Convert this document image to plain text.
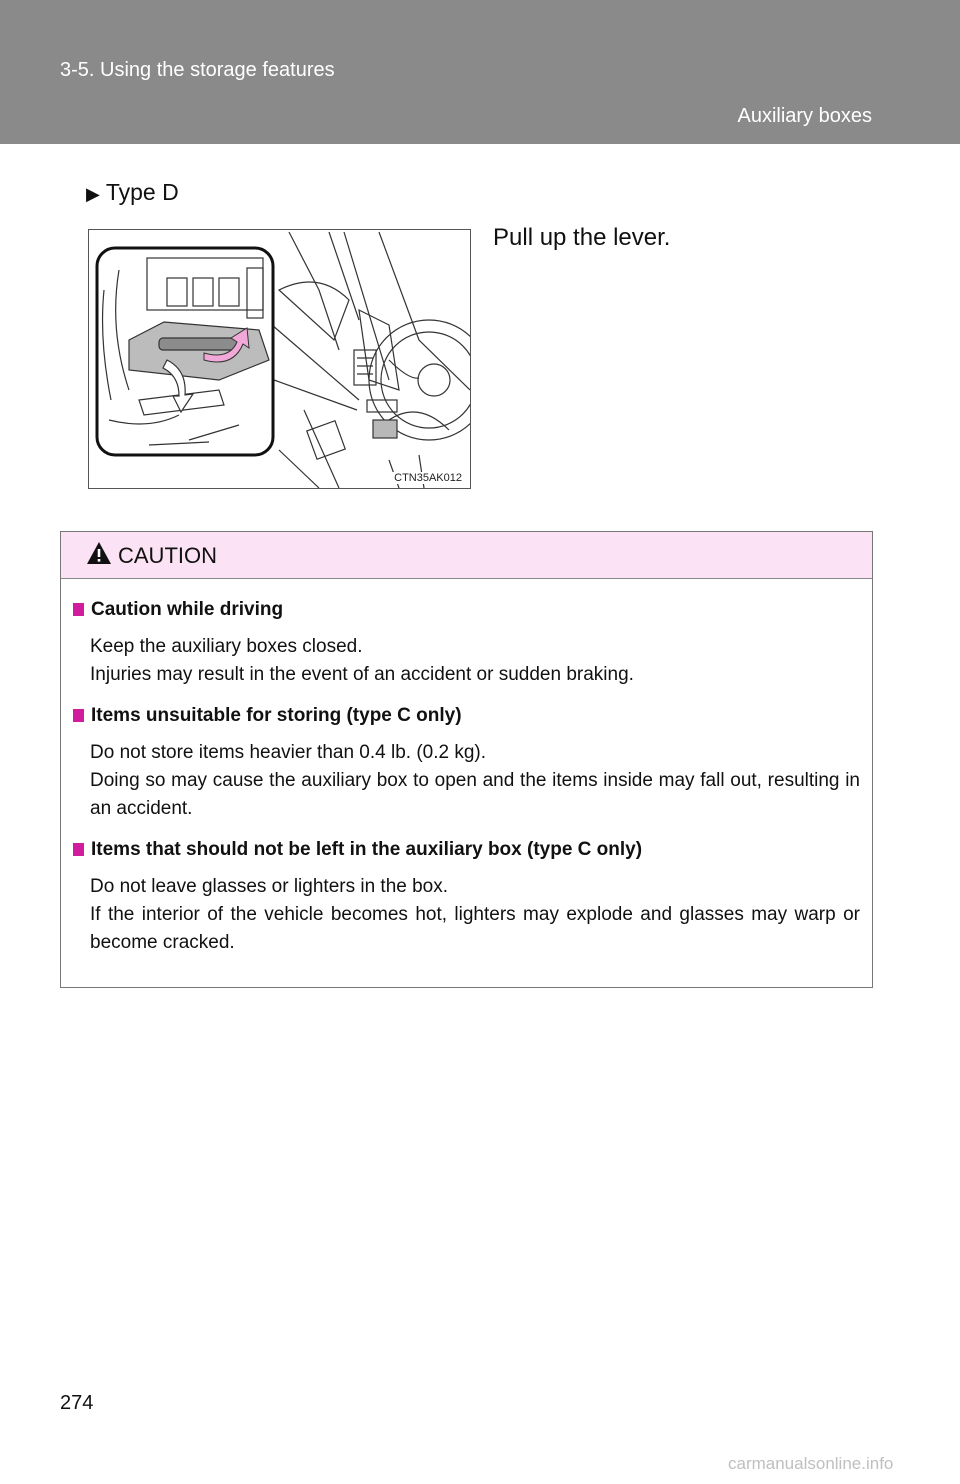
3-5. Using the storage features
Auxiliary boxes
▶ Type D
CTN35AK012
Pull up the lever.
CAUTION
Caution while driving
Keep the auxiliary boxes closed.
Injuries may result in the event of an accident or sudden braking.
Items unsuitable for storing (type C only)
Do not store items heavier than 0.4 lb. (0.2 kg).
Doing so may cause the auxiliary box to open and the items inside may fall out, resulting in an accident.
Items that should not be left in the auxiliary box (type C only)
Do not leave glasses or lighters in the box.
If the interior of the vehicle becomes hot, lighters may explode and glasses may warp or become cracked.
274
carmanualsonline.info
